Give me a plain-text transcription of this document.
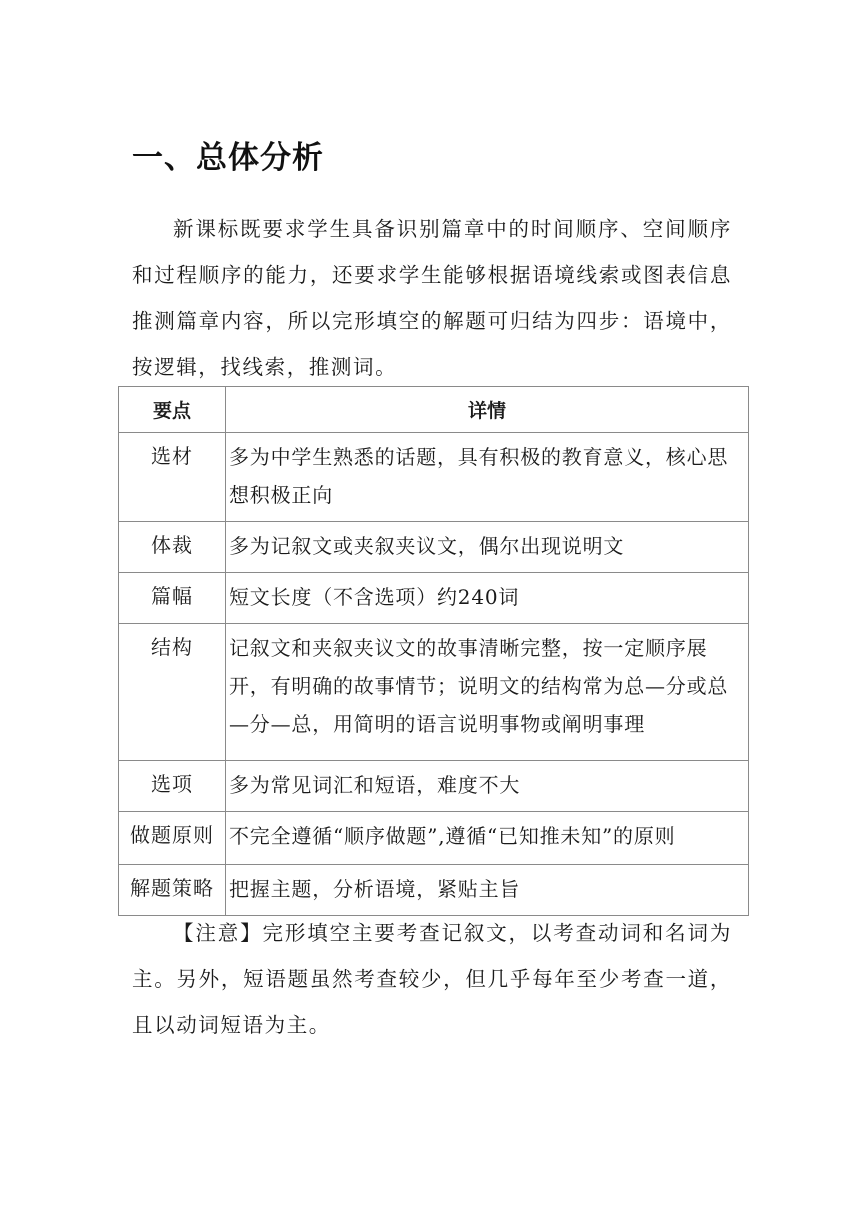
一、总体分析

新课标既要求学生具备识别篇章中的时间顺序、空间顺序和过程顺序的能力，还要求学生能够根据语境线索或图表信息推测篇章内容，所以完形填空的解题可归结为四步：语境中，按逻辑，找线索，推测词。

要点	详情
选材	多为中学生熟悉的话题，具有积极的教育意义，核心思想积极正向
体裁	多为记叙文或夹叙夹议文，偶尔出现说明文
篇幅	短文长度（不含选项）约240词
结构	记叙文和夹叙夹议文的故事清晰完整，按一定顺序展开，有明确的故事情节；说明文的结构常为总—分或总—分—总，用简明的语言说明事物或阐明事理
选项	多为常见词汇和短语，难度不大
做题原则	不完全遵循“顺序做题”,遵循“已知推未知”的原则
解题策略	把握主题，分析语境，紧贴主旨

【注意】完形填空主要考查记叙文，以考查动词和名词为主。另外，短语题虽然考查较少，但几乎每年至少考查一道，且以动词短语为主。
